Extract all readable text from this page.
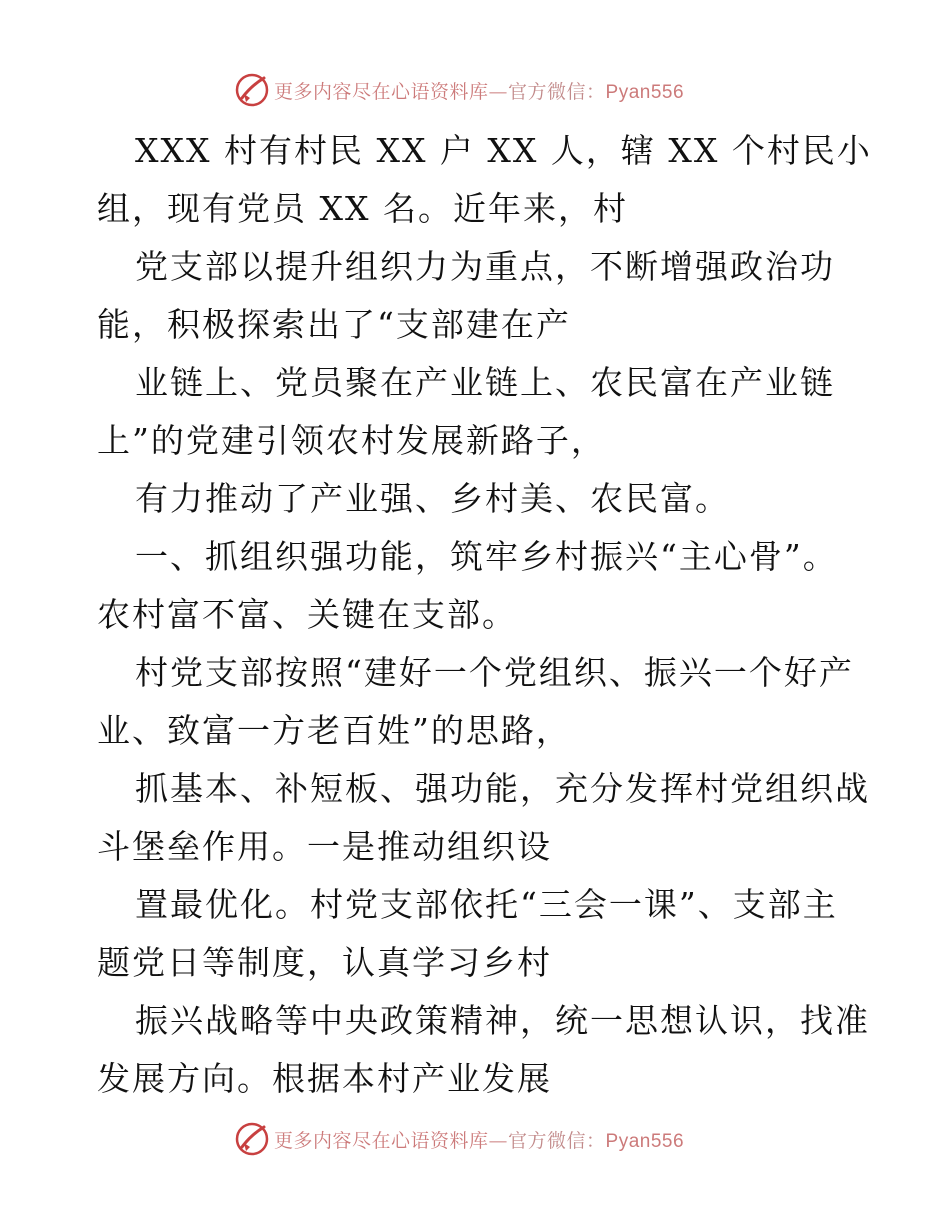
更多内容尽在心语资料库—官方微信：Pyan556
XXX 村有村民 XX 户 XX 人，辖 XX 个村民小
组，现有党员 XX 名。近年来，村
党支部以提升组织力为重点，不断增强政治功
能，积极探索出了“支部建在产
业链上、党员聚在产业链上、农民富在产业链
上”的党建引领农村发展新路子，
有力推动了产业强、乡村美、农民富。
一、抓组织强功能，筑牢乡村振兴“主心骨”。
农村富不富、关键在支部。
村党支部按照“建好一个党组织、振兴一个好产
业、致富一方老百姓”的思路，
抓基本、补短板、强功能，充分发挥村党组织战
斗堡垒作用。一是推动组织设
置最优化。村党支部依托“三会一课”、支部主
题党日等制度，认真学习乡村
振兴战略等中央政策精神，统一思想认识，找准
发展方向。根据本村产业发展
更多内容尽在心语资料库—官方微信：Pyan556
